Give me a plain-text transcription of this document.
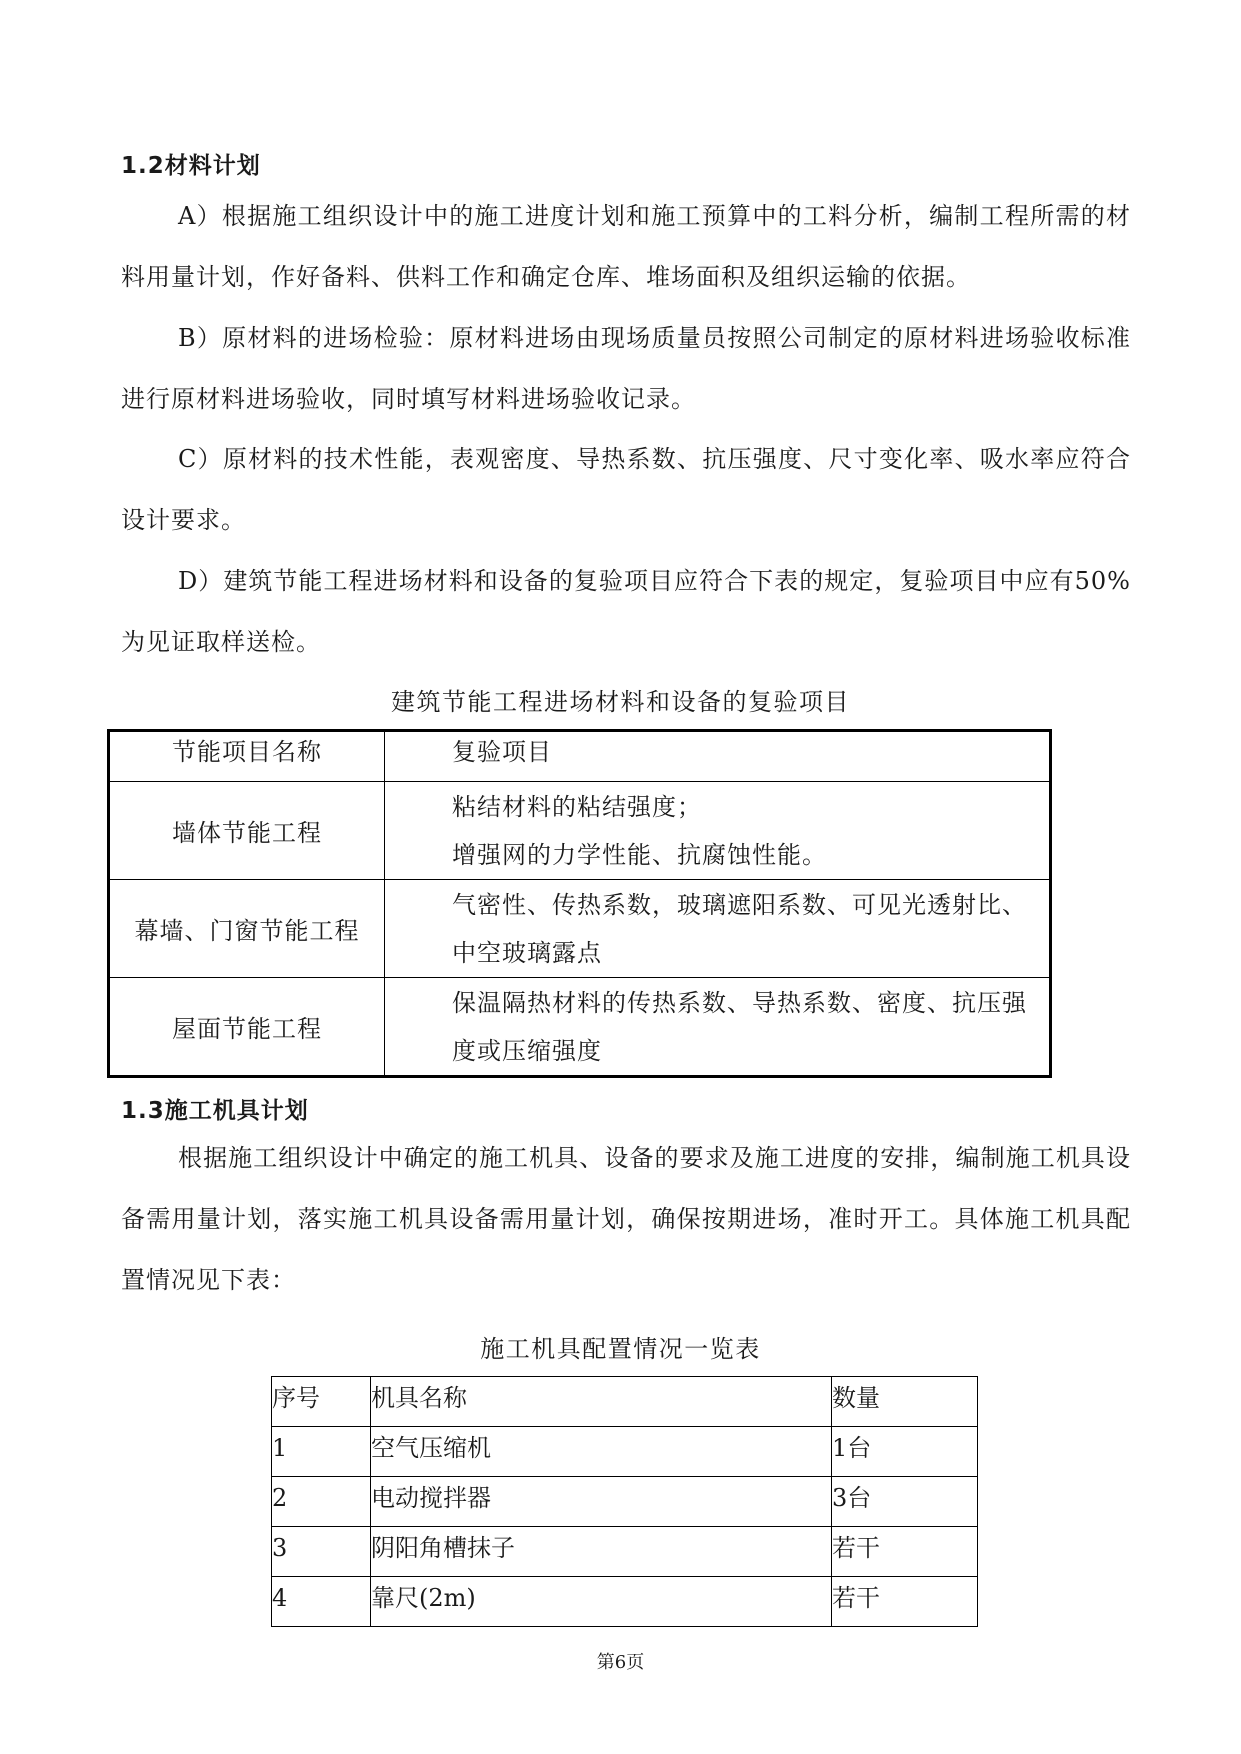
1.2材料计划

A）根据施工组织设计中的施工进度计划和施工预算中的工料分析，编制工程所需的材料用量计划，作好备料、供料工作和确定仓库、堆场面积及组织运输的依据。

B）原材料的进场检验：原材料进场由现场质量员按照公司制定的原材料进场验收标准进行原材料进场验收，同时填写材料进场验收记录。

C）原材料的技术性能，表观密度、导热系数、抗压强度、尺寸变化率、吸水率应符合设计要求。

D）建筑节能工程进场材料和设备的复验项目应符合下表的规定，复验项目中应有50%为见证取样送检。

建筑节能工程进场材料和设备的复验项目
节能项目名称	复验项目
墙体节能工程	粘结材料的粘结强度；
增强网的力学性能、抗腐蚀性能。

幕墙、门窗节能工程	气密性、传热系数，玻璃遮阳系数、可见光透射比、
中空玻璃露点

屋面节能工程	保温隔热材料的传热系数、导热系数、密度、抗压强
度或压缩强度
1.3施工机具计划

根据施工组织设计中确定的施工机具、设备的要求及施工进度的安排，编制施工机具设备需用量计划，落实施工机具设备需用量计划，确保按期进场，准时开工。具体施工机具配置情况见下表：

施工机具配置情况一览表
序号	机具名称	数量
1	空气压缩机	1台
2	电动搅拌器	3台
3	阴阳角槽抹子	若干
4	靠尺(2m)	若干
第6页
